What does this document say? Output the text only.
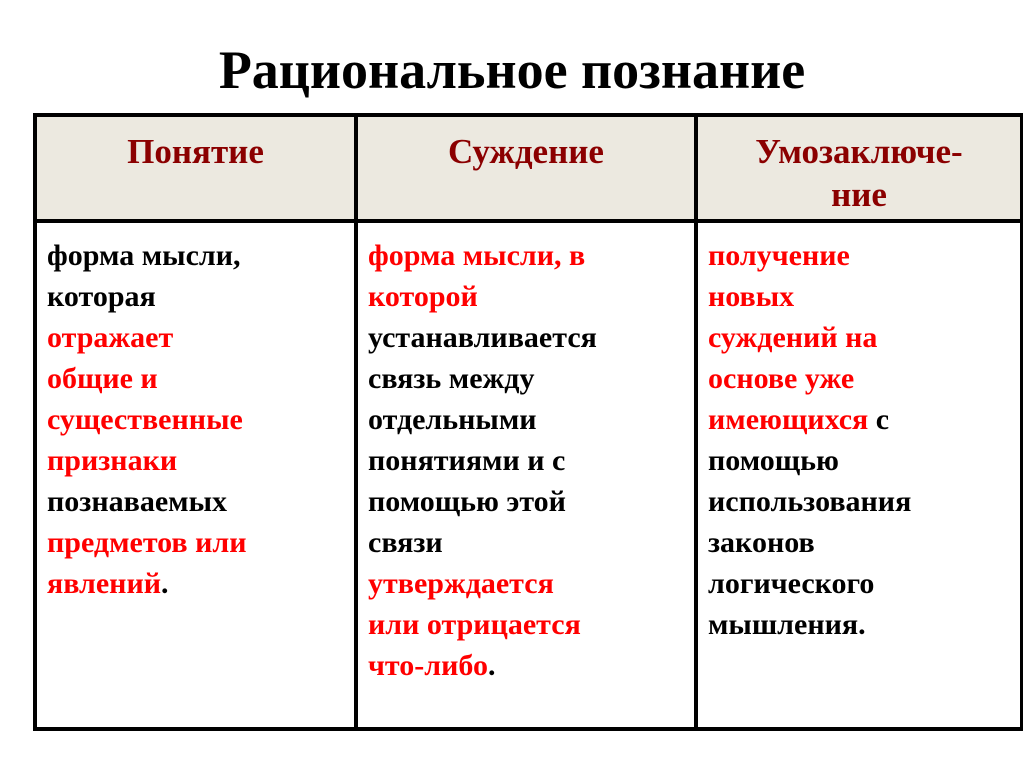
Рациональное познание
Понятие	Суждение	Умозаключе-
ние
форма мысли,
которая
отражает
общие и
существенные
признаки
познаваемых
предметов или
явлений.
форма мысли, в
которой
устанавливается
связь между
отдельными
понятиями и с
помощью этой
связи
утверждается
или отрицается
что-либо.
получение
новых
суждений на
основе уже
имеющихся с
помощью
использования
законов
логического
мышления.
